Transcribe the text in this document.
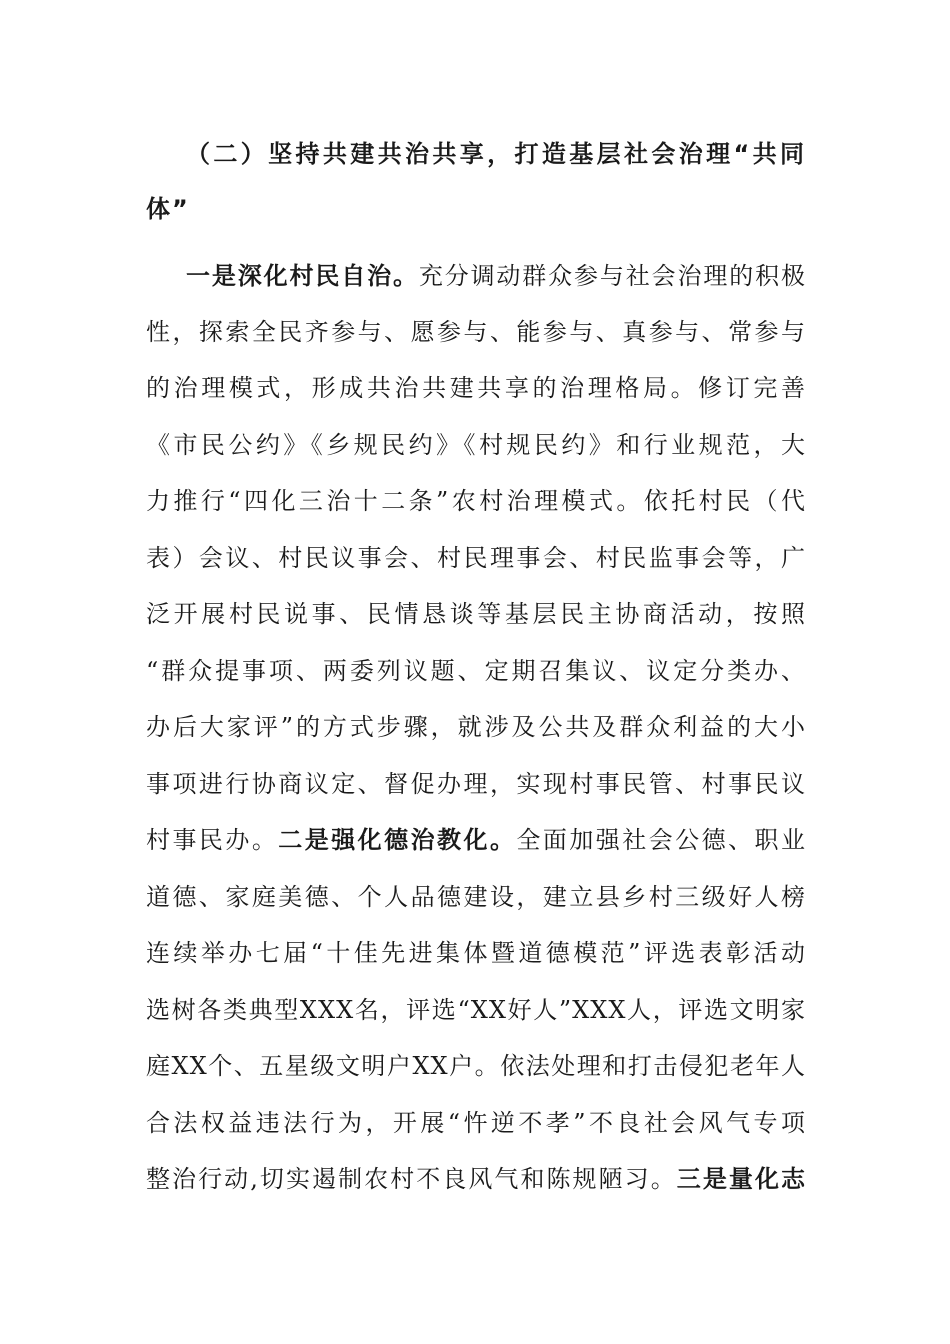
（二）坚持共建共治共享，打造基层社会治理“共同
体”
一是深化村民自治。充分调动群众参与社会治理的积极
性，探索全民齐参与、愿参与、能参与、真参与、常参与
的治理模式，形成共治共建共享的治理格局。修订完善
《市民公约》《乡规民约》《村规民约》和行业规范，大
力推行“四化三治十二条”农村治理模式。依托村民（代
表）会议、村民议事会、村民理事会、村民监事会等，广
泛开展村民说事、民情恳谈等基层民主协商活动，按照
“群众提事项、两委列议题、定期召集议、议定分类办、
办后大家评”的方式步骤，就涉及公共及群众利益的大小
事项进行协商议定、督促办理，实现村事民管、村事民议
村事民办。二是强化德治教化。全面加强社会公德、职业
道德、家庭美德、个人品德建设，建立县乡村三级好人榜
连续举办七届“十佳先进集体暨道德模范”评选表彰活动
选树各类典型XXX名，评选“XX好人”XXX人，评选文明家
庭XX个、五星级文明户XX户。依法处理和打击侵犯老年人
合法权益违法行为，开展“忤逆不孝”不良社会风气专项
整治行动,切实遏制农村不良风气和陈规陋习。三是量化志
